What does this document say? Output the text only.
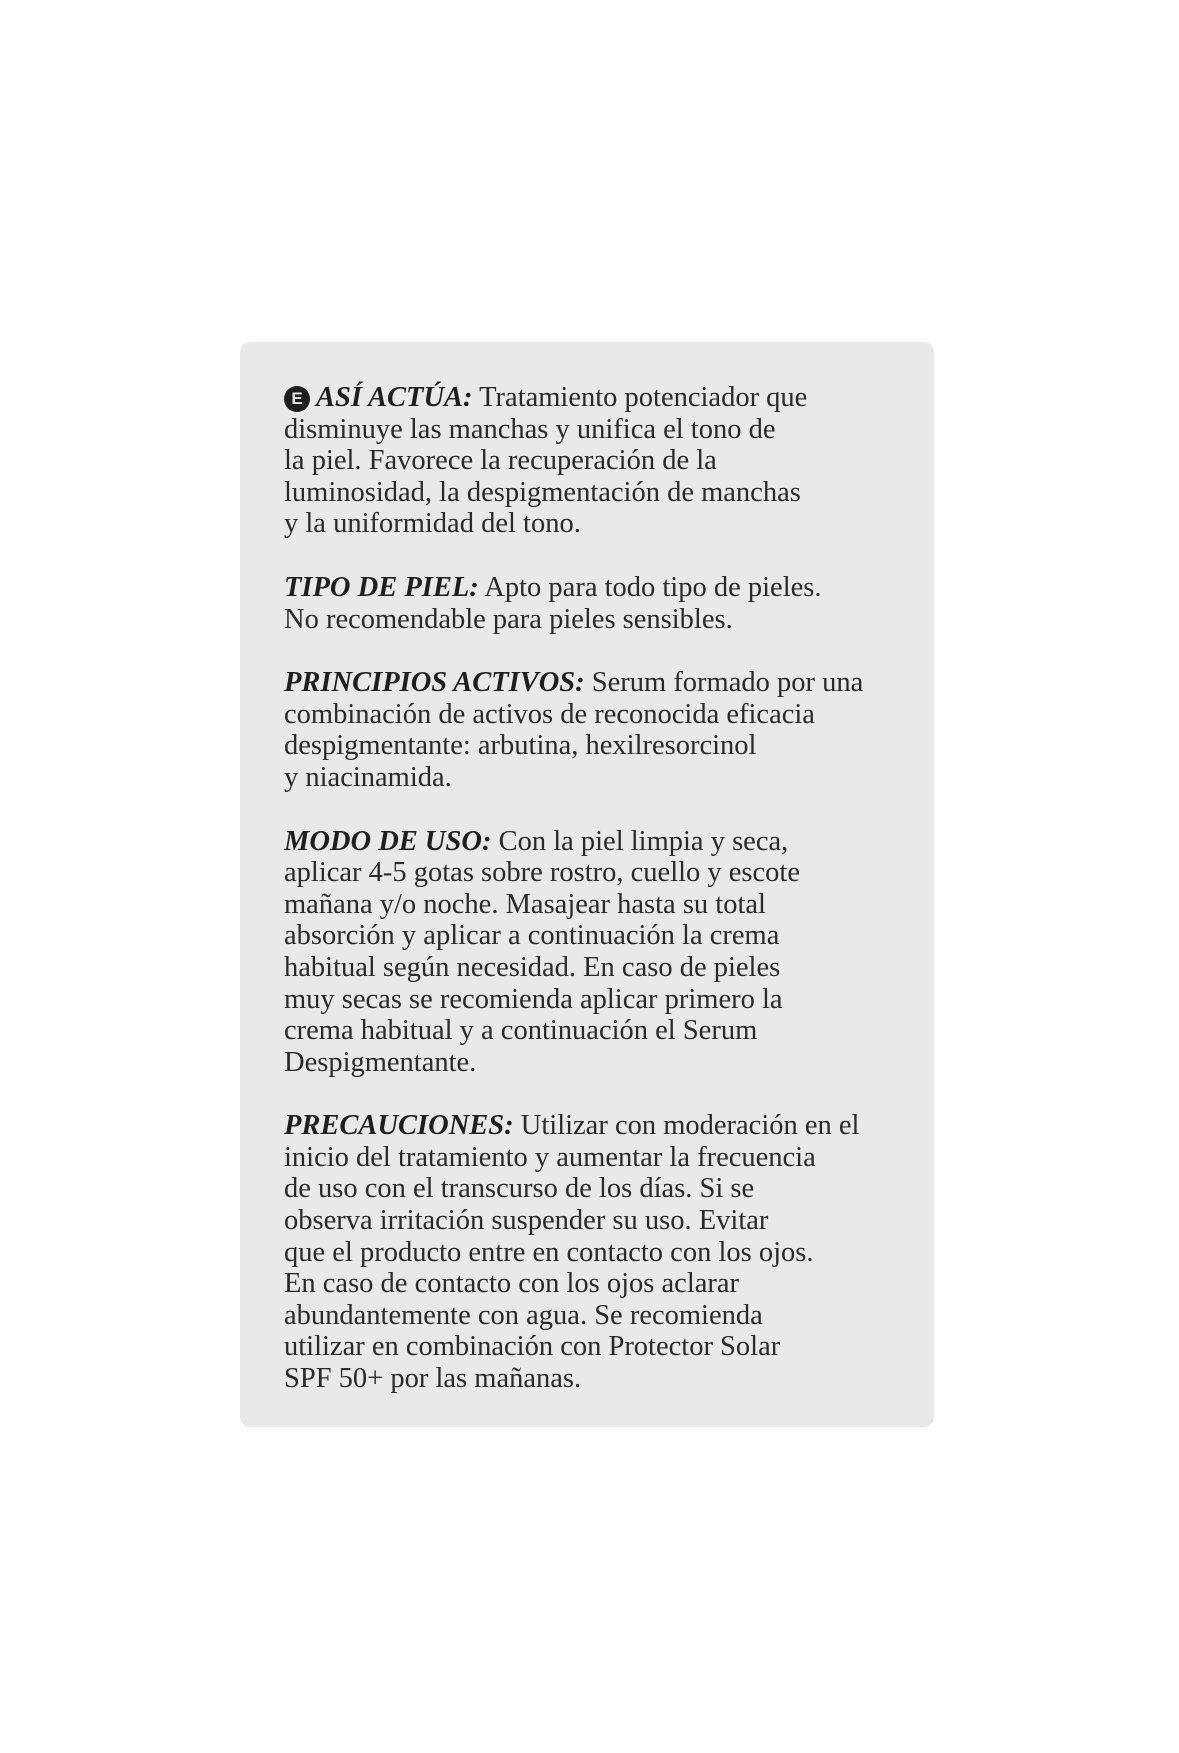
E ASÍ ACTÚA: Tratamiento potenciador que
disminuye las manchas y unifica el tono de
la piel. Favorece la recuperación de la
luminosidad, la despigmentación de manchas
y la uniformidad del tono.

TIPO DE PIEL: Apto para todo tipo de pieles.
No recomendable para pieles sensibles.

PRINCIPIOS ACTIVOS: Serum formado por una
combinación de activos de reconocida eficacia
despigmentante: arbutina, hexilresorcinol
y niacinamida.

MODO DE USO: Con la piel limpia y seca,
aplicar 4-5 gotas sobre rostro, cuello y escote
mañana y/o noche. Masajear hasta su total
absorción y aplicar a continuación la crema
habitual según necesidad. En caso de pieles
muy secas se recomienda aplicar primero la
crema habitual y a continuación el Serum
Despigmentante.

PRECAUCIONES: Utilizar con moderación en el
inicio del tratamiento y aumentar la frecuencia
de uso con el transcurso de los días. Si se
observa irritación suspender su uso. Evitar
que el producto entre en contacto con los ojos.
En caso de contacto con los ojos aclarar
abundantemente con agua. Se recomienda
utilizar en combinación con Protector Solar
SPF 50+ por las mañanas.
